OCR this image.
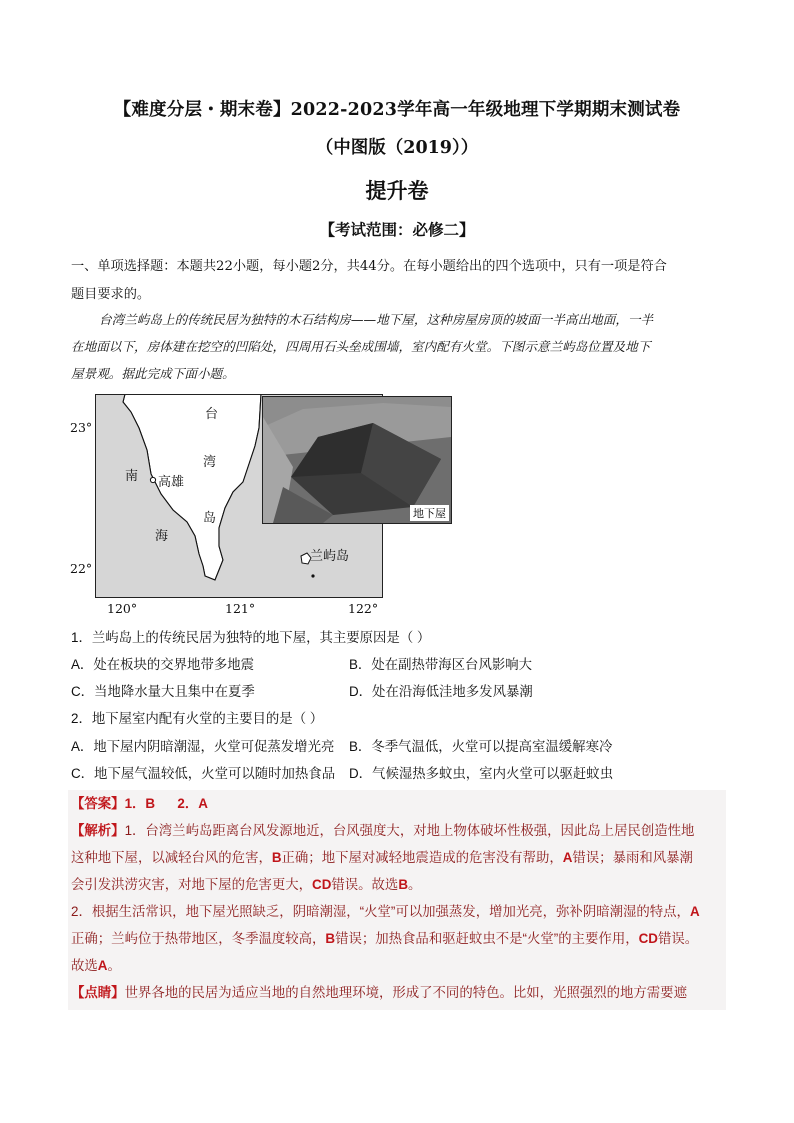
【难度分层・期末卷】2022-2023学年高一年级地理下学期期末测试卷
（中图版（2019））
提升卷
【考试范围：必修二】
一、单项选择题：本题共22小题，每小题2分，共44分。在每小题给出的四个选项中，只有一项是符合
题目要求的。
台湾兰屿岛上的传统民居为独特的木石结构房——地下屋，这种房屋房顶的坡面一半高出地面，一半
在地面以下，房体建在挖空的凹陷处，四周用石头垒成围墙，室内配有火堂。下图示意兰屿岛位置及地下
屋景观。据此完成下面小题。
台
湾
岛
南
海
高雄
兰屿岛
23°
22°
120°	121°	122°
地下屋
1．兰屿岛上的传统民居为独特的地下屋，其主要原因是（ ）
A．处在板块的交界地带多地震	B．处在副热带海区台风影响大
C．当地降水量大且集中在夏季	D．处在沿海低洼地多发风暴潮
2．地下屋室内配有火堂的主要目的是（ ）
A．地下屋内阴暗潮湿，火堂可促蒸发增光亮 B．冬季气温低，火堂可以提高室温缓解寒冷
C．地下屋气温较低，火堂可以随时加热食品 D．气候湿热多蚊虫，室内火堂可以驱赶蚊虫
【答案】1．B      2．A
【解析】1．台湾兰屿岛距离台风发源地近，台风强度大，对地上物体破坏性极强，因此岛上居民创造性地
这种地下屋，以减轻台风的危害，B正确；地下屋对减轻地震造成的危害没有帮助，A错误；暴雨和风暴潮
会引发洪涝灾害，对地下屋的危害更大，CD错误。故选B。
2．根据生活常识，地下屋光照缺乏，阴暗潮湿，“火堂”可以加强蒸发，增加光亮，弥补阴暗潮湿的特点，A
正确；兰屿位于热带地区，冬季温度较高，B错误；加热食品和驱赶蚊虫不是“火堂”的主要作用，CD错误。
故选A。
【点睛】世界各地的民居为适应当地的自然地理环境，形成了不同的特色。比如，光照强烈的地方需要遮
